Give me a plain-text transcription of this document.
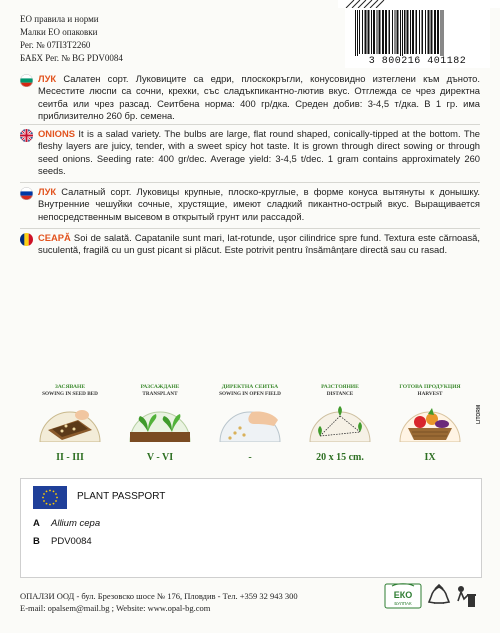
ЕО правила и норми
Малки ЕО опаковки
Рег. № 07ПЗТ2260
БАБХ Рег. № BG PDV0084	3 800216 401182
ЛУК Салатен сорт. Луковиците са едри, плоскокръгли, конусовидно изтеглени към дъното. Месестите люспи са сочни, крехки, със сладъкпикантно-лютив вкус. Отглежда се чрез директна сеитба или чрез разсад. Сеитбена норма: 400 гр/дка. Среден добив: 3-4,5 т/дка. В 1 гр. има приблизително 260 бр. семена.
ONIONS It is a salad variety. The bulbs are large, flat round shaped, conically-tipped at the bottom. The fleshy layers are juicy, tender, with a sweet spicy hot taste. It is grown through direct sowing or through seed onions. Seeding rate: 400 gr/dec. Average yield: 3-4,5 t/dec. 1 gram contains approximately 260 seeds.
ЛУК Салатный сорт. Луковицы крупные, плоско-круглые, в форме конуса вытянуты к донышку. Внутренние чешуйки сочные, хрустящие, имеют сладкий пикантно-острый вкус. Выращивается непосредственным высевом в открытый грунт или рассадой.
CEAPĂ Soi de salată. Capatanile sunt mari, lat-rotunde, uşor cilindrice spre fund. Textura este cărnoasă, suculentă, fragilă cu un gust picant si plăcut. Este potrivit pentru însămânțare directă sau cu rasad.
ЗАСЯВАНЕ
SOWING IN SEED BED
II - III
РАЗСАЖДАНЕ
TRANSPLANT
V - VI
ДИРЕКТНА СЕИТБА
SOWING IN OPEN FIELD
-
РАЗСТОЯНИЕ
DISTANCE
20 x 15 cm.
ГОТОВА ПРОДУКЦИЯ
HARVEST
IX
LITORM
PLANT PASSPORT
A Allium cepa
B PDV0084
ОПАЛЗИ ООД - бул. Брезовско шосе № 176, Пловдив - Тел. +359 32 943 300
E-mail: opalsem@mail.bg ; Website: www.opal-bg.com
ЕКО
БУЛПАК
